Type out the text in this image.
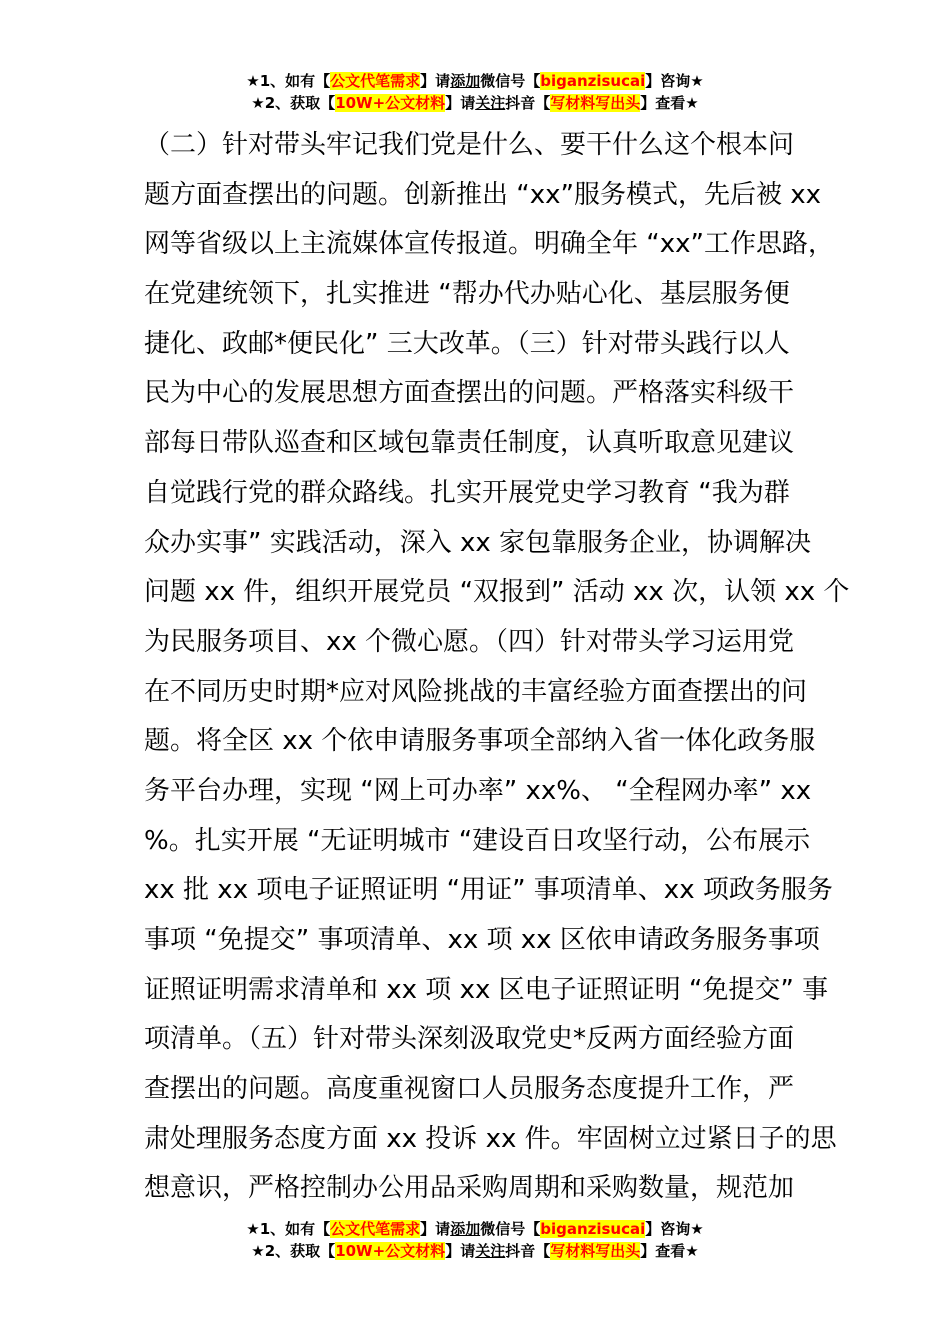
★1、如有【公文代笔需求】请添加微信号【biganzisucai】咨询★
★2、获取【10W+公文材料】请关注抖音【写材料写出头】查看★
（二）针对带头牢记我们党是什么、要干什么这个根本问
题方面查摆出的问题。创新推出 “xx”服务模式，先后被 xx
网等省级以上主流媒体宣传报道。明确全年 “xx”工作思路，
在党建统领下，扎实推进 “帮办代办贴心化、基层服务便
捷化、政邮*便民化” 三大改革。（三）针对带头践行以人
民为中心的发展思想方面查摆出的问题。严格落实科级干
部每日带队巡查和区域包靠责任制度，认真听取意见建议
自觉践行党的群众路线。扎实开展党史学习教育 “我为群
众办实事” 实践活动，深入 xx 家包靠服务企业，协调解决
问题 xx 件，组织开展党员 “双报到” 活动 xx 次，认领 xx 个
为民服务项目、xx 个微心愿。（四）针对带头学习运用党
在不同历史时期*应对风险挑战的丰富经验方面查摆出的问
题。将全区 xx 个依申请服务事项全部纳入省一体化政务服
务平台办理，实现 “网上可办率” xx%、 “全程网办率” xx
%。扎实开展 “无证明城市 “建设百日攻坚行动，公布展示
xx 批 xx 项电子证照证明 “用证” 事项清单、xx 项政务服务
事项 “免提交” 事项清单、xx 项 xx 区依申请政务服务事项
证照证明需求清单和 xx 项 xx 区电子证照证明 “免提交” 事
项清单。（五）针对带头深刻汲取党史*反两方面经验方面
查摆出的问题。高度重视窗口人员服务态度提升工作，严
肃处理服务态度方面 xx 投诉 xx 件。牢固树立过紧日子的思
想意识，严格控制办公用品采购周期和采购数量，规范加
★1、如有【公文代笔需求】请添加微信号【biganzisucai】咨询★
★2、获取【10W+公文材料】请关注抖音【写材料写出头】查看★
